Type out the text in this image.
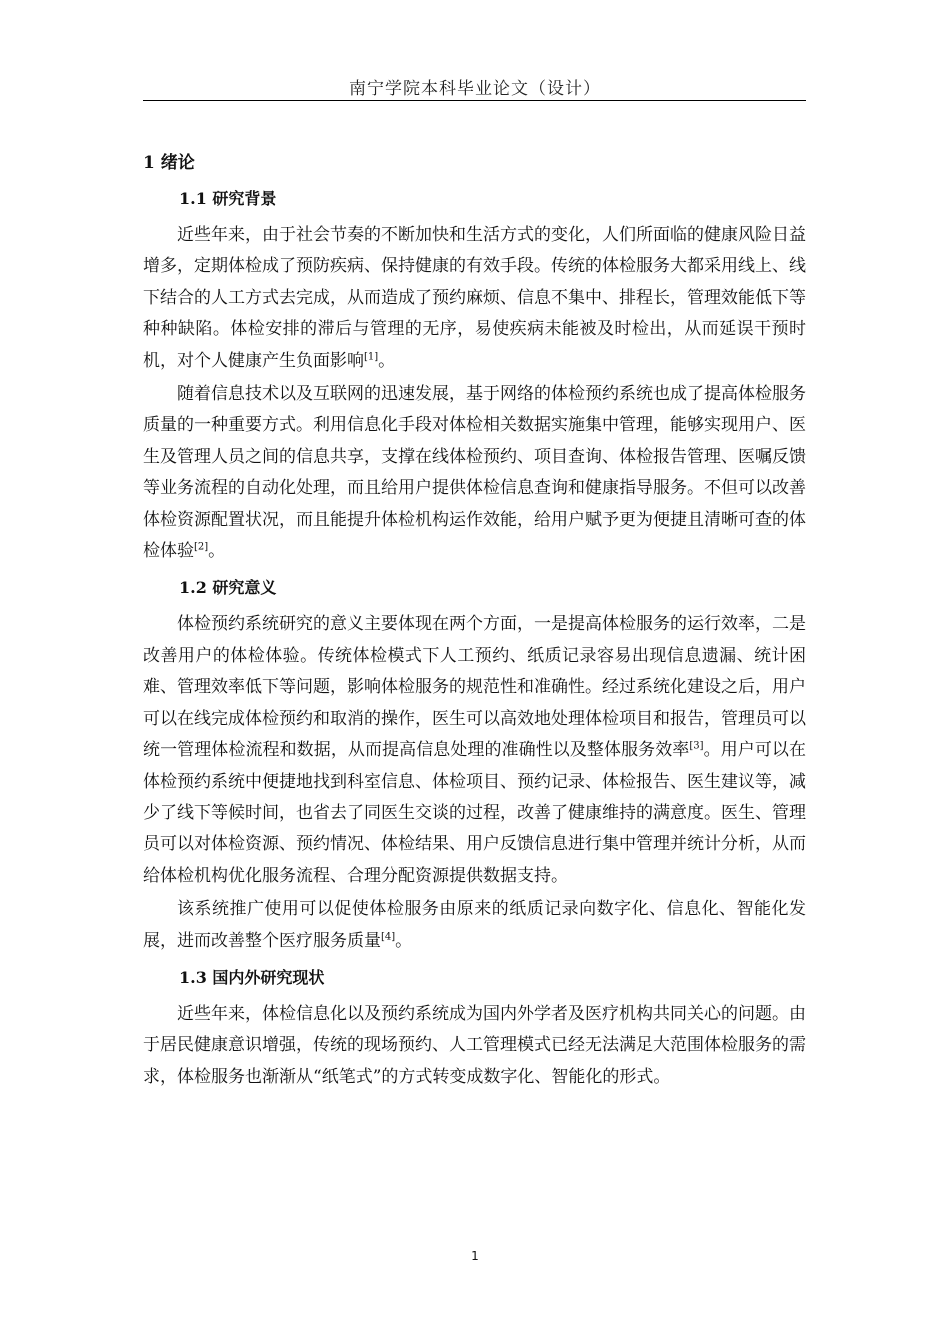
南宁学院本科毕业论文（设计）
1 绪论
1.1 研究背景

近些年来，由于社会节奏的不断加快和生活方式的变化，人们所面临的健康风险日益增多，定期体检成了预防疾病、保持健康的有效手段。传统的体检服务大都采用线上、线下结合的人工方式去完成，从而造成了预约麻烦、信息不集中、排程长，管理效能低下等种种缺陷。体检安排的滞后与管理的无序，易使疾病未能被及时检出，从而延误干预时机，对个人健康产生负面影响[1]。

随着信息技术以及互联网的迅速发展，基于网络的体检预约系统也成了提高体检服务质量的一种重要方式。利用信息化手段对体检相关数据实施集中管理，能够实现用户、医生及管理人员之间的信息共享，支撑在线体检预约、项目查询、体检报告管理、医嘱反馈等业务流程的自动化处理，而且给用户提供体检信息查询和健康指导服务。不但可以改善体检资源配置状况，而且能提升体检机构运作效能，给用户赋予更为便捷且清晰可查的体检体验[2]。

1.2 研究意义

体检预约系统研究的意义主要体现在两个方面，一是提高体检服务的运行效率，二是改善用户的体检体验。传统体检模式下人工预约、纸质记录容易出现信息遗漏、统计困难、管理效率低下等问题，影响体检服务的规范性和准确性。经过系统化建设之后，用户可以在线完成体检预约和取消的操作，医生可以高效地处理体检项目和报告，管理员可以统一管理体检流程和数据，从而提高信息处理的准确性以及整体服务效率[3]。用户可以在体检预约系统中便捷地找到科室信息、体检项目、预约记录、体检报告、医生建议等，减少了线下等候时间，也省去了同医生交谈的过程，改善了健康维持的满意度。医生、管理员可以对体检资源、预约情况、体检结果、用户反馈信息进行集中管理并统计分析，从而给体检机构优化服务流程、合理分配资源提供数据支持。

该系统推广使用可以促使体检服务由原来的纸质记录向数字化、信息化、智能化发展，进而改善整个医疗服务质量[4]。

1.3 国内外研究现状

近些年来，体检信息化以及预约系统成为国内外学者及医疗机构共同关心的问题。由于居民健康意识增强，传统的现场预约、人工管理模式已经无法满足大范围体检服务的需求，体检服务也渐渐从“纸笔式”的方式转变成数字化、智能化的形式。

1
